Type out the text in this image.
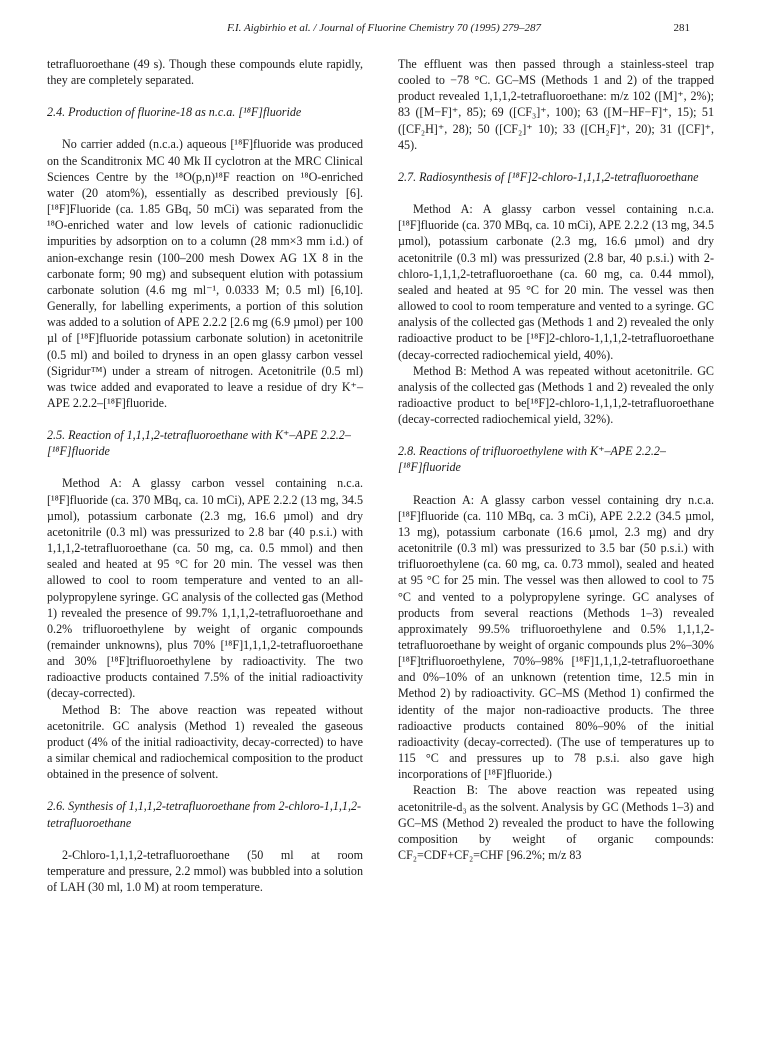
F.I. Aigbirhio et al. / Journal of Fluorine Chemistry 70 (1995) 279–287	281

tetrafluoroethane (49 s). Though these compounds elute rapidly, they are completely separated.

2.4. Production of fluorine-18 as n.c.a. [¹⁸F]fluoride

No carrier added (n.c.a.) aqueous [¹⁸F]fluoride was produced on the Scanditronix MC 40 Mk II cyclotron at the MRC Clinical Sciences Centre by the ¹⁸O(p,n)¹⁸F reaction on ¹⁸O-enriched water (20 atom%), essentially as described previously [6]. [¹⁸F]Fluoride (ca. 1.85 GBq, 50 mCi) was separated from the ¹⁸O-enriched water and low levels of cationic radionuclidic impurities by adsorption on to a column (28 mm×3 mm i.d.) of anion-exchange resin (100–200 mesh Dowex AG 1X 8 in the carbonate form; 90 mg) and subsequent elution with potassium carbonate solution (4.6 mg ml⁻¹, 0.0333 M; 0.5 ml) [6,10]. Generally, for labelling experiments, a portion of this solution was added to a solution of APE 2.2.2 [2.6 mg (6.9 µmol) per 100 µl of [¹⁸F]fluoride potassium carbonate solution) in acetonitrile (0.5 ml) and boiled to dryness in an open glassy carbon vessel (Sigridur™) under a stream of nitrogen. Acetonitrile (0.5 ml) was twice added and evaporated to leave a residue of dry K⁺–APE 2.2.2–[¹⁸F]fluoride.

2.5. Reaction of 1,1,1,2-tetrafluoroethane with K⁺–APE 2.2.2–[¹⁸F]fluoride

Method A: A glassy carbon vessel containing n.c.a. [¹⁸F]fluoride (ca. 370 MBq, ca. 10 mCi), APE 2.2.2 (13 mg, 34.5 µmol), potassium carbonate (2.3 mg, 16.6 µmol) and dry acetonitrile (0.3 ml) was pressurized to 2.8 bar (40 p.s.i.) with 1,1,1,2-tetrafluoroethane (ca. 50 mg, ca. 0.5 mmol) and then sealed and heated at 95 °C for 20 min. The vessel was then allowed to cool to room temperature and vented to an all-polypropylene syringe. GC analysis of the collected gas (Method 1) revealed the presence of 99.7% 1,1,1,2-tetrafluoroethane and 0.2% trifluoroethylene by weight of organic compounds (remainder unknowns), plus 70% [¹⁸F]1,1,1,2-tetrafluoroethane and 30% [¹⁸F]trifluoroethylene by radioactivity. The two radioactive products contained 7.5% of the initial radioactivity (decay-corrected).

Method B: The above reaction was repeated without acetonitrile. GC analysis (Method 1) revealed the gaseous product (4% of the initial radioactivity, decay-corrected) to have a similar chemical and radiochemical composition to the product obtained in the presence of solvent.

2.6. Synthesis of 1,1,1,2-tetrafluoroethane from 2-chloro-1,1,1,2-tetrafluoroethane

2-Chloro-1,1,1,2-tetrafluoroethane (50 ml at room temperature and pressure, 2.2 mmol) was bubbled into a solution of LAH (30 ml, 1.0 M) at room temperature.

The effluent was then passed through a stainless-steel trap cooled to −78 °C. GC–MS (Methods 1 and 2) of the trapped product revealed 1,1,1,2-tetrafluoroethane: m/z 102 ([M]⁺, 2%); 83 ([M−F]⁺, 85); 69 ([CF₃]⁺, 100); 63 ([M−HF−F]⁺, 15); 51 ([CF₂H]⁺, 28); 50 ([CF₂]⁺ 10); 33 ([CH₂F]⁺, 20); 31 ([CF]⁺, 45).

2.7. Radiosynthesis of [¹⁸F]2-chloro-1,1,1,2-tetrafluoroethane

Method A: A glassy carbon vessel containing n.c.a. [¹⁸F]fluoride (ca. 370 MBq, ca. 10 mCi), APE 2.2.2 (13 mg, 34.5 µmol), potassium carbonate (2.3 mg, 16.6 µmol) and dry acetonitrile (0.3 ml) was pressurized (2.8 bar, 40 p.s.i.) with 2-chloro-1,1,1,2-tetrafluoroethane (ca. 60 mg, ca. 0.44 mmol), sealed and heated at 95 °C for 20 min. The vessel was then allowed to cool to room temperature and vented to a syringe. GC analysis of the collected gas (Methods 1 and 2) revealed the only radioactive product to be [¹⁸F]2-chloro-1,1,1,2-tetrafluoroethane (decay-corrected radiochemical yield, 40%).

Method B: Method A was repeated without acetonitrile. GC analysis of the collected gas (Methods 1 and 2) revealed the only radioactive product to be[¹⁸F]2-chloro-1,1,1,2-tetrafluoroethane (decay-corrected radiochemical yield, 32%).

2.8. Reactions of trifluoroethylene with K⁺–APE 2.2.2–[¹⁸F]fluoride

Reaction A: A glassy carbon vessel containing dry n.c.a. [¹⁸F]fluoride (ca. 110 MBq, ca. 3 mCi), APE 2.2.2 (34.5 µmol, 13 mg), potassium carbonate (16.6 µmol, 2.3 mg) and dry acetonitrile (0.3 ml) was pressurized to 3.5 bar (50 p.s.i.) with trifluoroethylene (ca. 60 mg, ca. 0.73 mmol), sealed and heated at 95 °C for 25 min. The vessel was then allowed to cool to 75 °C and vented to a polypropylene syringe. GC analyses of products from several reactions (Methods 1–3) revealed approximately 99.5% trifluoroethylene and 0.5% 1,1,1,2-tetrafluoroethane by weight of organic compounds plus 2%–30% [¹⁸F]trifluoroethylene, 70%–98% [¹⁸F]1,1,1,2-tetrafluoroethane and 0%–10% of an unknown (retention time, 12.5 min in Method 2) by radioactivity. GC–MS (Method 1) confirmed the identity of the major non-radioactive products. The three radioactive products contained 80%–90% of the initial radioactivity (decay-corrected). (The use of temperatures up to 115 °C and pressures up to 78 p.s.i. also gave high incorporations of [¹⁸F]fluoride.)

Reaction B: The above reaction was repeated using acetonitrile-d₃ as the solvent. Analysis by GC (Methods 1–3) and GC–MS (Method 2) revealed the product to have the following composition by weight of organic compounds: CF₂=CDF+CF₂=CHF [96.2%; m/z 83
